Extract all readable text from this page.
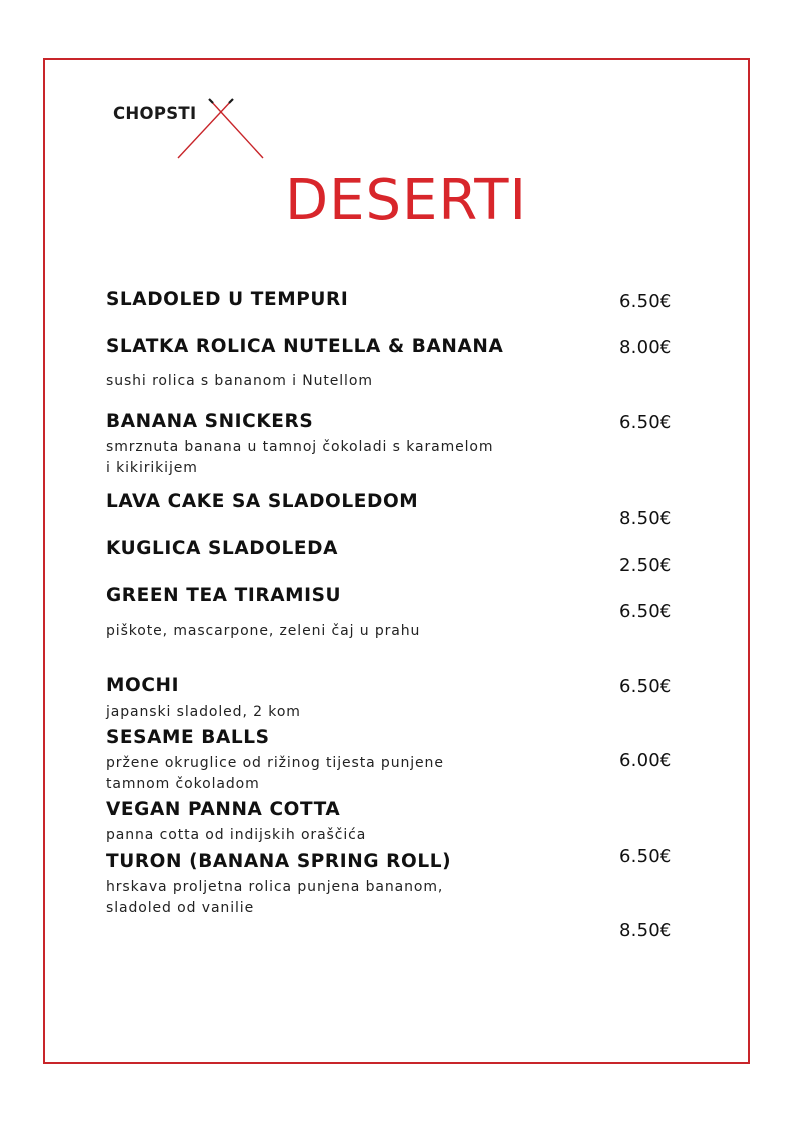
CHOPSTI
DESERTI
SLADOLED U TEMPURI	6.50€
SLATKA ROLICA NUTELLA & BANANA
sushi rolica s bananom i Nutellom
8.00€
BANANA SNICKERS
smrznuta banana u tamnoj čokoladi s karamelom
i kikirikijem
6.50€
LAVA CAKE SA SLADOLEDOM
8.50€
KUGLICA SLADOLEDA
2.50€
GREEN TEA TIRAMISU
piškote, mascarpone, zeleni čaj u prahu
6.50€
MOCHI
japanski sladoled, 2 kom
6.50€
SESAME BALLS
pržene okruglice od rižinog tijesta punjene
tamnom čokoladom
6.00€
VEGAN PANNA COTTA
panna cotta od indijskih oraščića
6.50€
TURON (BANANA SPRING ROLL)
hrskava proljetna rolica punjena bananom,
sladoled od vanilie
8.50€
